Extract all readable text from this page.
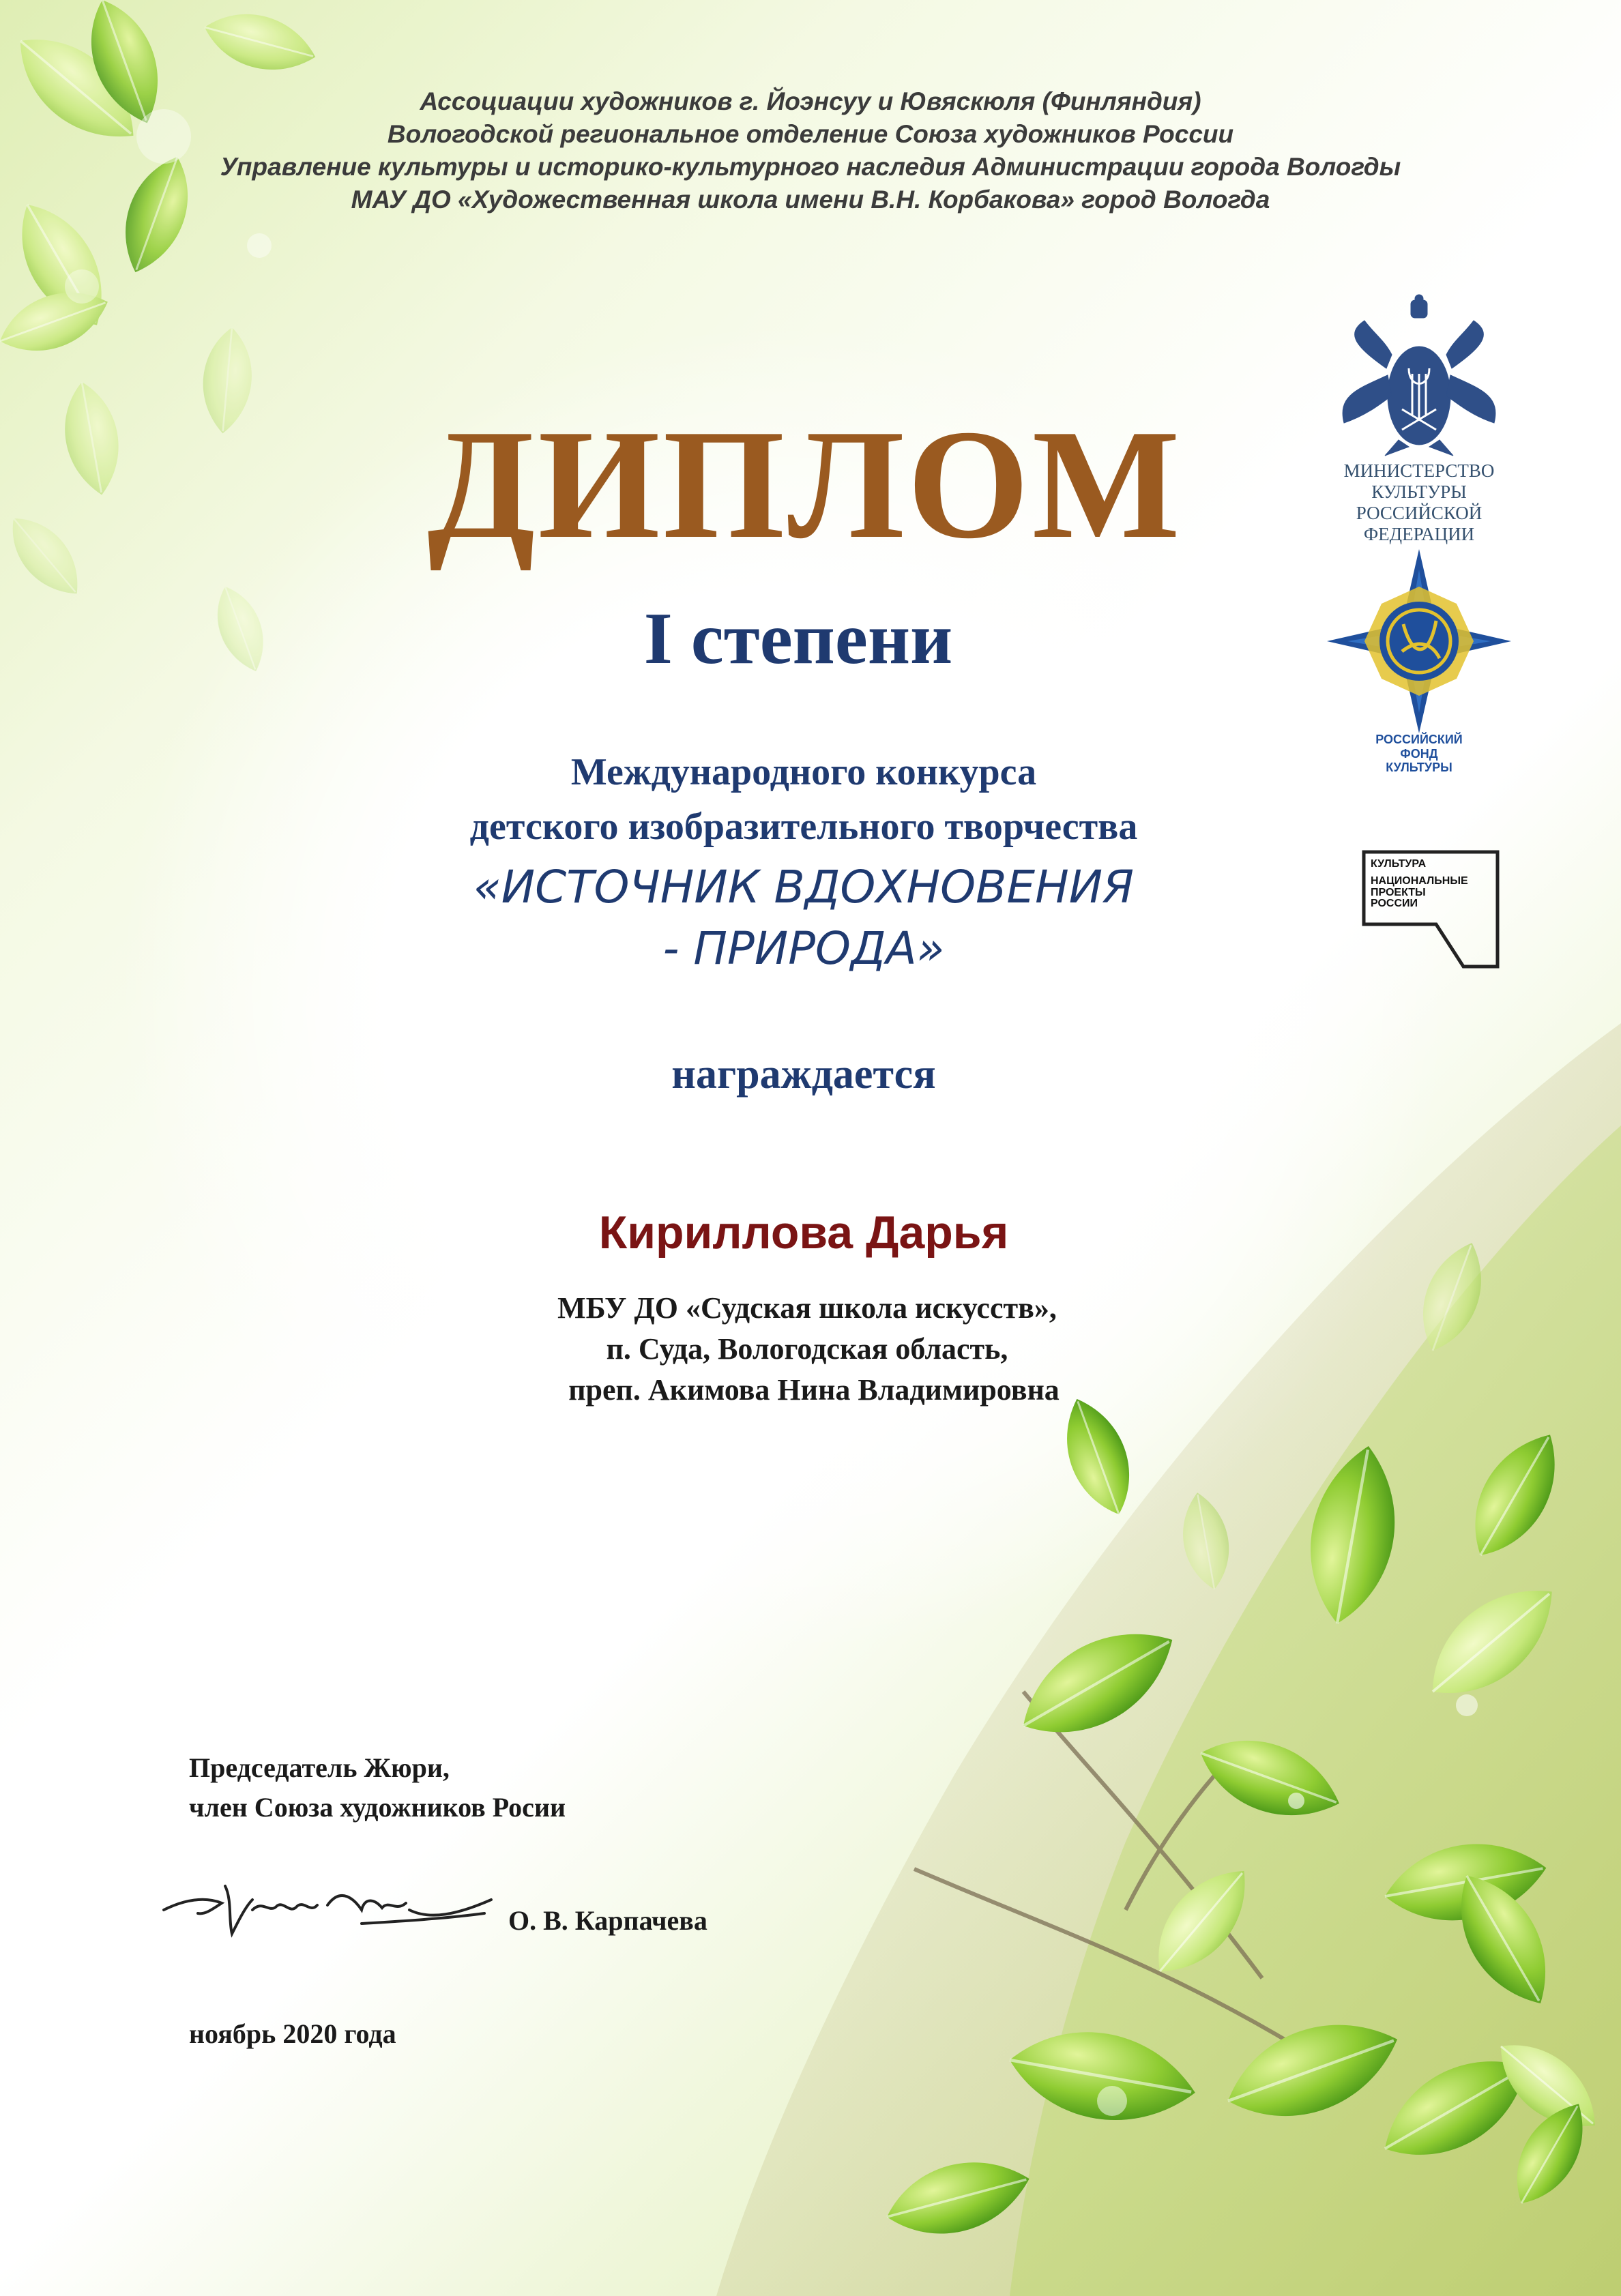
Ассоциации художников г. Йоэнсуу и Ювяскюля (Финляндия)

Вологодской региональное отделение Союза художников России

Управление культуры и историко-культурного наследия Администрации города Вологды

МАУ ДО «Художественная школа имени В.Н. Корбакова» город Вологда

МИНИСТЕРСТВО КУЛЬТУРЫ
РОССИЙСКОЙ ФЕДЕРАЦИИ
РОССИЙСКИЙ
ФОНД
КУЛЬТУРЫ
КУЛЬТУРА
НАЦИОНАЛЬНЫЕ
ПРОЕКТЫ
РОССИИ

ДИПЛОМ

I степени

Международного конкурса

детского изобразительного творчества

«ИСТОЧНИК ВДОХНОВЕНИЯ

- ПРИРОДА»

награждается

Кириллова Дарья

МБУ ДО «Судская школа искусств»,

п. Суда, Вологодская область,

преп. Акимова Нина Владимировна

Председатель Жюри,
член Союза художников Росии
О. В. Карпачева
ноябрь 2020 года
